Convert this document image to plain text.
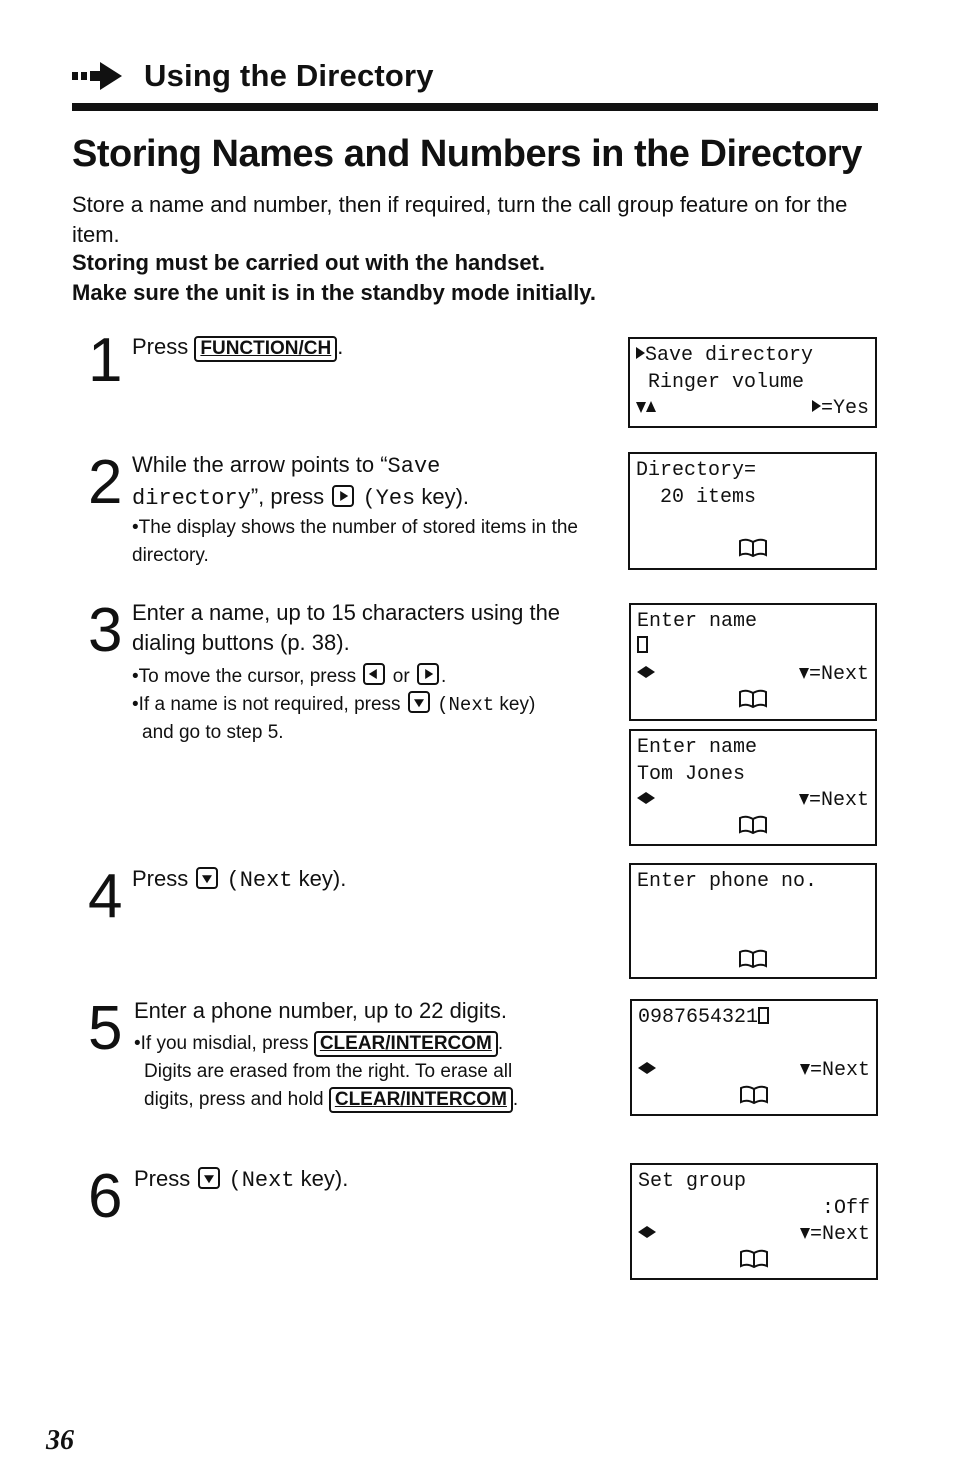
Using the Directory
Storing Names and Numbers in the Directory
Store a name and number, then if required, turn the call group feature on for the item.
Storing must be carried out with the handset.
Make sure the unit is in the standby mode initially.
1 Press FUNCTION/CH .
2 While the arrow points to “Save
directory”, press (Yes key).
•The display shows the number of stored items in the directory.
3 Enter a name, up to 15 characters using the dialing buttons (p. 38).
•To move the cursor, press or .
•If a name is not required, press (Next key)
and go to step 5.
4 Press (Next key).
5 Enter a phone number, up to 22 digits.
•If you misdial, press CLEAR/INTERCOM .
Digits are erased from the right. To erase all
digits, press and hold CLEAR/INTERCOM .
6 Press (Next key).
Save directory
Ringer volume
=Yes
Directory=
20 items
Enter name
=Next
Enter name
Tom Jones
=Next
Enter phone no.
0987654321
=Next
Set group
:Off
=Next
36
